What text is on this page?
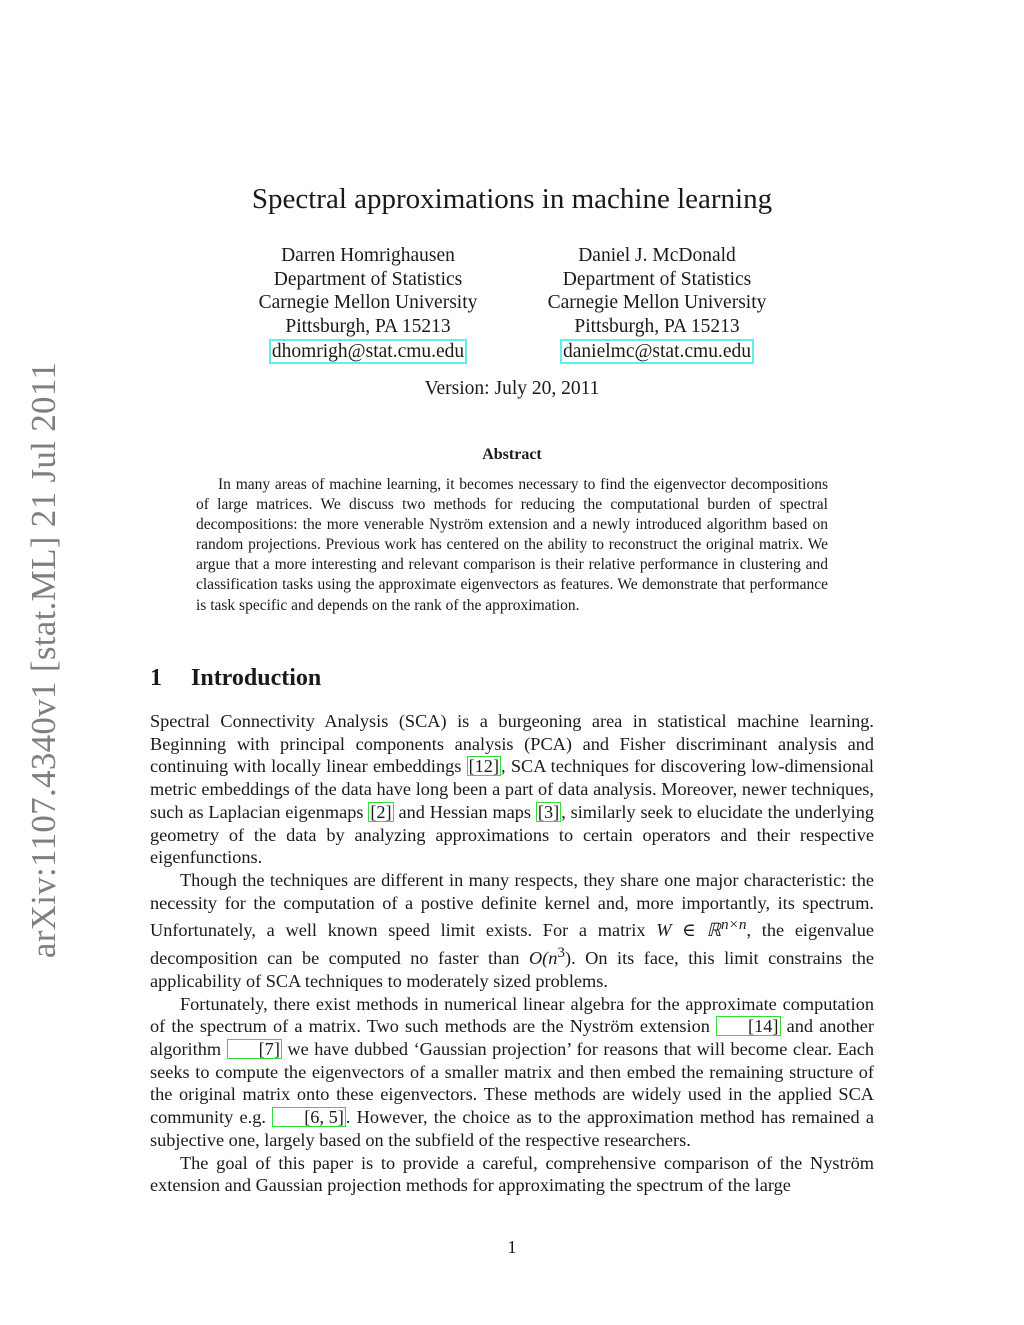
arXiv:1107.4340v1 [stat.ML] 21 Jul 2011
Spectral approximations in machine learning
Darren Homrighausen
Department of Statistics
Carnegie Mellon University
Pittsburgh, PA 15213
dhomrigh@stat.cmu.edu
Daniel J. McDonald
Department of Statistics
Carnegie Mellon University
Pittsburgh, PA 15213
danielmc@stat.cmu.edu
Version: July 20, 2011
Abstract
In many areas of machine learning, it becomes necessary to find the eigenvector decompositions of large matrices. We discuss two methods for reducing the computational burden of spectral decompositions: the more venerable Nyström extension and a newly introduced algorithm based on random projections. Previous work has centered on the ability to reconstruct the original matrix. We argue that a more interesting and relevant comparison is their relative performance in clustering and classification tasks using the approximate eigenvectors as features. We demonstrate that performance is task specific and depends on the rank of the approximation.
1 Introduction

Spectral Connectivity Analysis (SCA) is a burgeoning area in statistical machine learning. Beginning with principal components analysis (PCA) and Fisher discriminant analysis and continuing with locally linear embeddings [12] , SCA techniques for discovering low-dimensional metric embeddings of the data have long been a part of data analysis. Moreover, newer techniques, such as Laplacian eigenmaps [2] and Hessian maps [3] , similarly seek to elucidate the underlying geometry of the data by analyzing approximations to certain operators and their respective eigenfunctions.

Though the techniques are different in many respects, they share one major characteristic: the necessity for the computation of a postive definite kernel and, more importantly, its spectrum. Unfortunately, a well known speed limit exists. For a matrix W ∈ ℝ$^{n\times n}$, the eigenvalue decomposition can be computed no faster than $O(n^3)$. On its face, this limit constrains the applicability of SCA techniques to moderately sized problems.

Fortunately, there exist methods in numerical linear algebra for the approximate computation of the spectrum of a matrix. Two such methods are the Nyström extension [14] and another algorithm [7] we have dubbed ‘Gaussian projection’ for reasons that will become clear. Each seeks to compute the eigenvectors of a smaller matrix and then embed the remaining structure of the original matrix onto these eigenvectors. These methods are widely used in the applied SCA community e.g. [6, 5] . However, the choice as to the approximation method has remained a subjective one, largely based on the subfield of the respective researchers.

The goal of this paper is to provide a careful, comprehensive comparison of the Nyström extension and Gaussian projection methods for approximating the spectrum of the large

1
